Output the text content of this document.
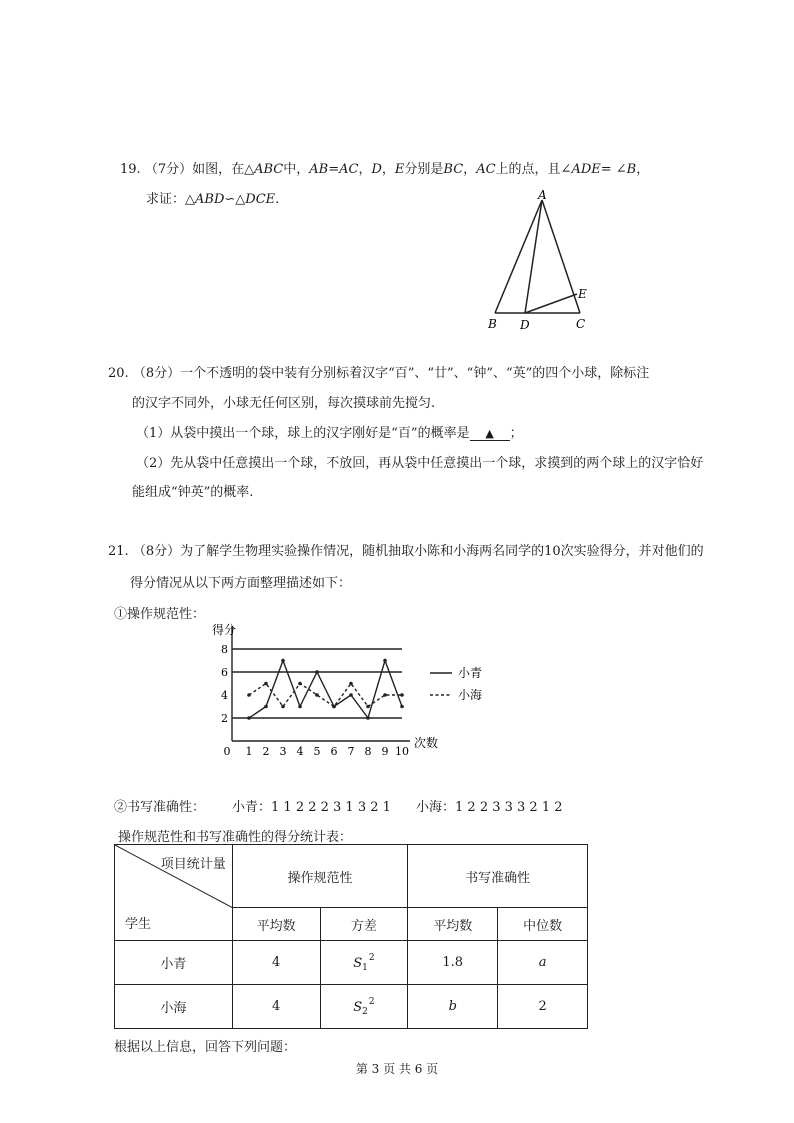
19. （7分）如图，在△ABC中，AB=AC，D，E分别是BC，AC上的点，且∠ADE= ∠B，
求证：△ABD∽△DCE.	A
B D	C
E
20. （8分）一个不透明的袋中装有分别标着汉字“百”、“廿”、“钟”、“英”的四个小球，除标注
的汉字不同外，小球无任何区别，每次摸球前先搅匀.
（1）从袋中摸出一个球，球上的汉字刚好是“百”的概率是 ▲ ；
（2）先从袋中任意摸出一个球，不放回，再从袋中任意摸出一个球，求摸到的两个球上的汉字恰好
能组成“钟英”的概率.
21. （8分）为了解学生物理实验操作情况，随机抽取小陈和小海两名同学的10次实验得分，并对他们的
得分情况从以下两方面整理描述如下：
①操作规范性：
得分
次数
2
4
6
8
0 1 2 3 4 5 6 7 8 9 10
小青
小海
②书写准确性： 小青：1 1 2 2 2 3 1 3 2 1 小海：1 2 2 3 3 3 2 1 2
操作规范性和书写准确性的得分统计表：
项目统计量
学生	操作规范性		书写准确性	
	平均数	方差	平均数	中位数
小青	4	$S_1^2$	1.8	a
小海	4	$S_2^2$	b	2
根据以上信息，回答下列问题：
第 3 页 共 6 页
